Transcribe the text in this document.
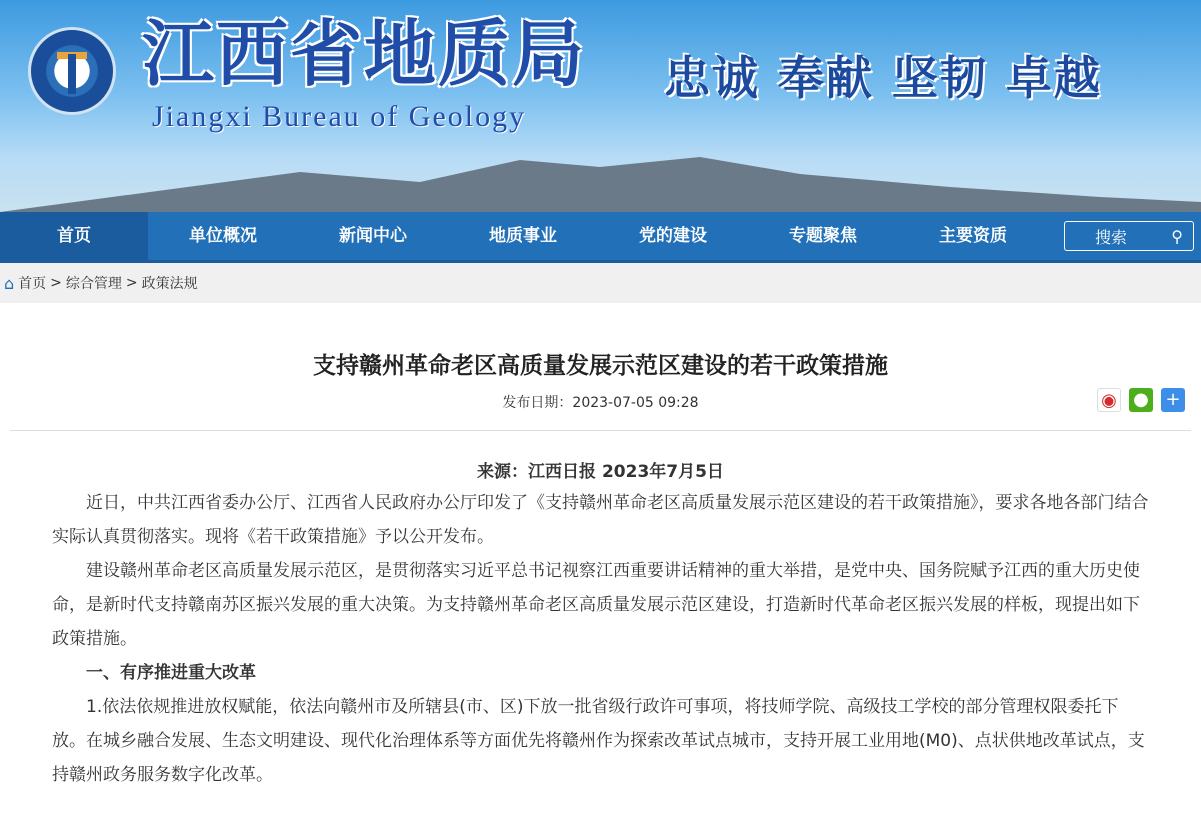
江西省地质局
Jiangxi Bureau of Geology
忠诚 奉献 坚韧 卓越
首页	单位概况	新闻中心	地质事业	党的建设	专题聚焦	主要资质	搜索	⚲
⌂ 首页 > 综合管理 > 政策法规
支持赣州革命老区高质量发展示范区建设的若干政策措施
发布日期：2023-07-05 09:28	◉ ● +
来源：江西日报 2023年7月5日

近日，中共江西省委办公厅、江西省人民政府办公厅印发了《支持赣州革命老区高质量发展示范区建设的若干政策措施》，要求各地各部门结合实际认真贯彻落实。现将《若干政策措施》予以公开发布。

建设赣州革命老区高质量发展示范区，是贯彻落实习近平总书记视察江西重要讲话精神的重大举措，是党中央、国务院赋予江西的重大历史使命，是新时代支持赣南苏区振兴发展的重大决策。为支持赣州革命老区高质量发展示范区建设，打造新时代革命老区振兴发展的样板，现提出如下政策措施。

一、有序推进重大改革

1.依法依规推进放权赋能，依法向赣州市及所辖县(市、区)下放一批省级行政许可事项，将技师学院、高级技工学校的部分管理权限委托下放。在城乡融合发展、生态文明建设、现代化治理体系等方面优先将赣州作为探索改革试点城市，支持开展工业用地(M0)、点状供地改革试点，支持赣州政务服务数字化改革。
